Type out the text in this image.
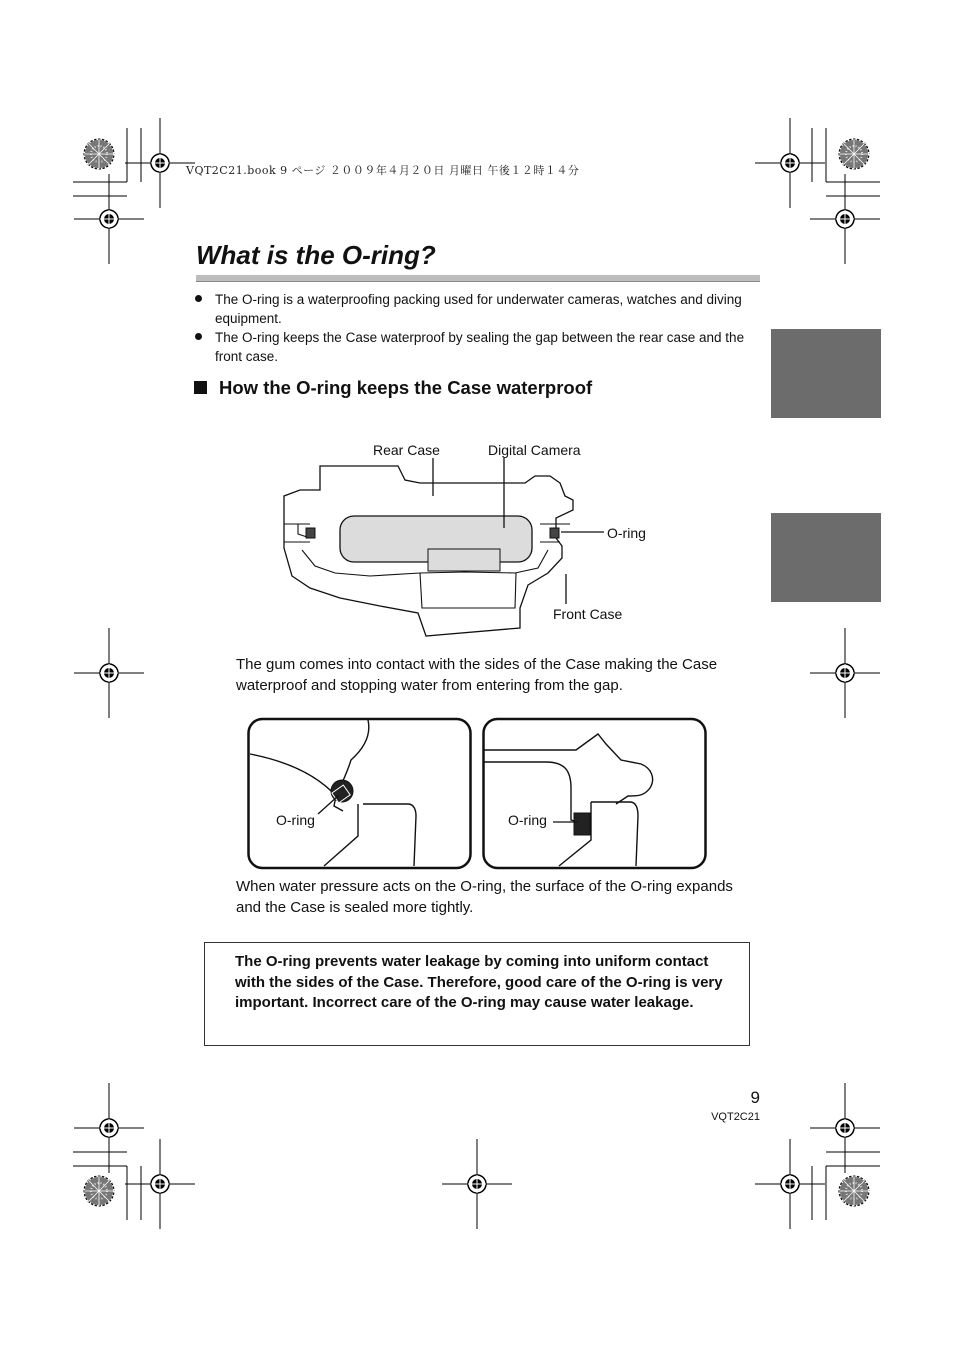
VQT2C21.book 9 ページ ２００９年４月２０日 月曜日 午後１２時１４分
What is the O-ring?
The O-ring is a waterproofing packing used for underwater cameras, watches and diving equipment.
The O-ring keeps the Case waterproof by sealing the gap between the rear case and the front case.
How the O-ring keeps the Case waterproof
Rear Case	Digital Camera
O-ring
Front Case

The gum comes into contact with the sides of the Case making the Case waterproof and stopping water from entering from the gap.

O-ring	O-ring

When water pressure acts on the O-ring, the surface of the O-ring expands and the Case is sealed more tightly.

The O-ring prevents water leakage by coming into uniform contact with the sides of the Case. Therefore, good care of the O-ring is very important. Incorrect care of the O-ring may cause water leakage.

9
VQT2C21
